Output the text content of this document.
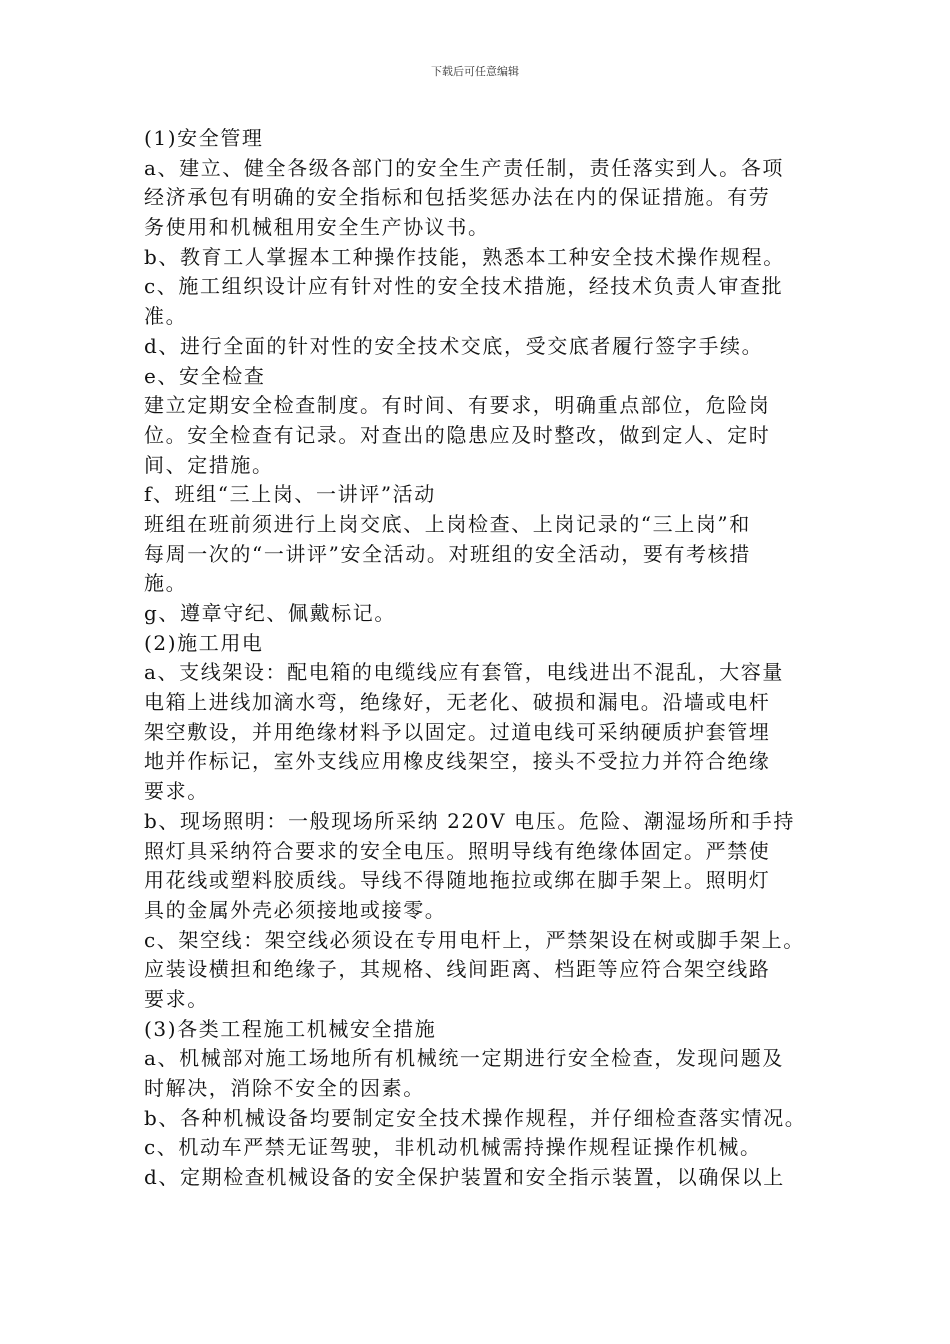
下载后可任意编辑
(1)安全管理
a、建立、健全各级各部门的安全生产责任制，责任落实到人。各项
经济承包有明确的安全指标和包括奖惩办法在内的保证措施。有劳
务使用和机械租用安全生产协议书。
b、教育工人掌握本工种操作技能，熟悉本工种安全技术操作规程。
c、施工组织设计应有针对性的安全技术措施，经技术负责人审查批
准。
d、进行全面的针对性的安全技术交底，受交底者履行签字手续。
e、安全检查
建立定期安全检查制度。有时间、有要求，明确重点部位，危险岗
位。安全检查有记录。对查出的隐患应及时整改，做到定人、定时
间、定措施。
f、班组“三上岗、一讲评”活动
班组在班前须进行上岗交底、上岗检查、上岗记录的“三上岗”和
每周一次的“一讲评”安全活动。对班组的安全活动，要有考核措
施。
g、遵章守纪、佩戴标记。
(2)施工用电
a、支线架设：配电箱的电缆线应有套管，电线进出不混乱，大容量
电箱上进线加滴水弯，绝缘好，无老化、破损和漏电。沿墙或电杆
架空敷设，并用绝缘材料予以固定。过道电线可采纳硬质护套管埋
地并作标记，室外支线应用橡皮线架空，接头不受拉力并符合绝缘
要求。
b、现场照明：一般现场所采纳 220V 电压。危险、潮湿场所和手持
照灯具采纳符合要求的安全电压。照明导线有绝缘体固定。严禁使
用花线或塑料胶质线。导线不得随地拖拉或绑在脚手架上。照明灯
具的金属外壳必须接地或接零。
c、架空线：架空线必须设在专用电杆上，严禁架设在树或脚手架上。
应装设横担和绝缘子，其规格、线间距离、档距等应符合架空线路
要求。
(3)各类工程施工机械安全措施
a、机械部对施工场地所有机械统一定期进行安全检查，发现问题及
时解决，消除不安全的因素。
b、各种机械设备均要制定安全技术操作规程，并仔细检查落实情况。
c、机动车严禁无证驾驶，非机动机械需持操作规程证操作机械。
d、定期检查机械设备的安全保护装置和安全指示装置，以确保以上
